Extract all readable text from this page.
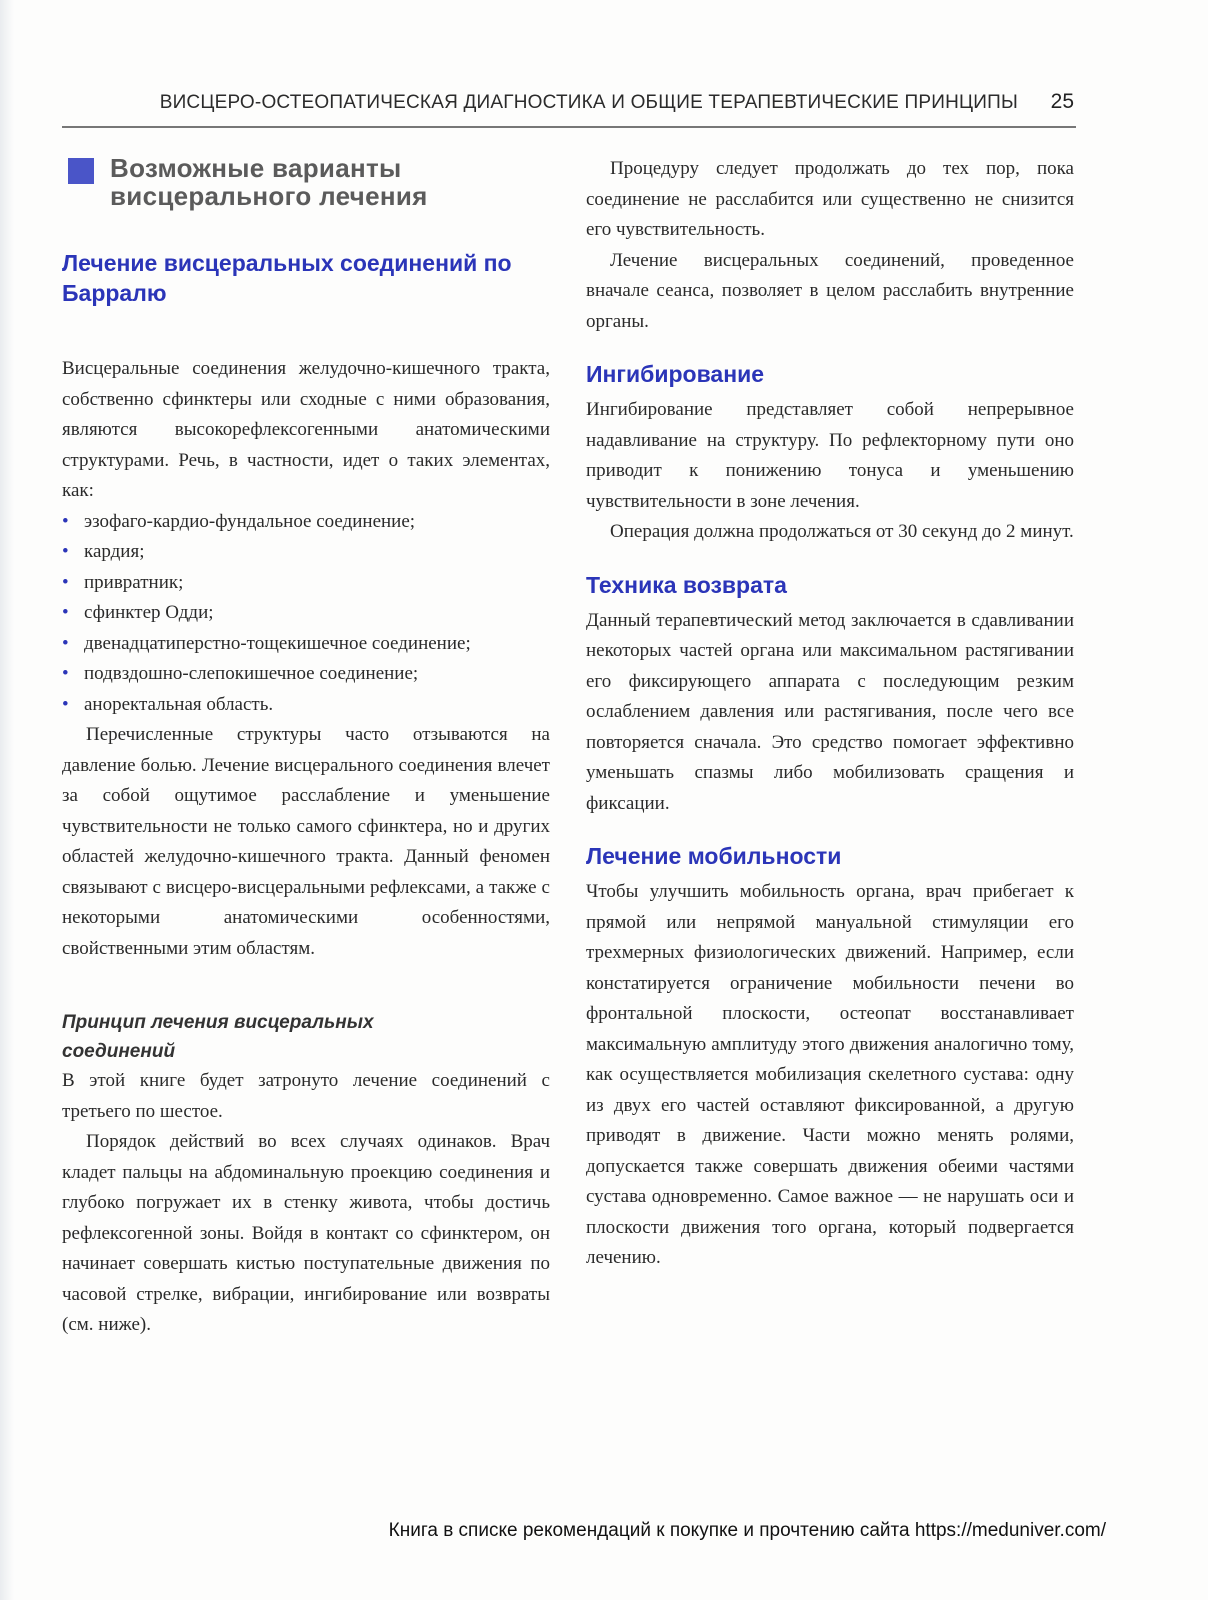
ВИСЦЕРО-ОСТЕОПАТИЧЕСКАЯ ДИАГНОСТИКА И ОБЩИЕ ТЕРАПЕВТИЧЕСКИЕ ПРИНЦИПЫ 25
Возможные варианты
висцерального лечения
Лечение висцеральных соединений по Барралю

Висцеральные соединения желудочно-кишечного тракта, собственно сфинктеры или сходные с ними образования, являются высокорефлексогенными анатомическими структурами. Речь, в частности, идет о таких элементах, как:

• эзофаго-кардио-фундальное соединение;
• кардия;
• привратник;
• сфинктер Одди;
• двенадцатиперстно-тощекишечное соединение;
• подвздошно-слепокишечное соединение;
• аноректальная область.

Перечисленные структуры часто отзываются на давление болью. Лечение висцерального соединения влечет за собой ощутимое расслабление и уменьшение чувствительности не только самого сфинктера, но и других областей желудочно-кишечного тракта. Данный феномен связывают с висцеро-висцеральными рефлексами, а также с некоторыми анатомическими особенностями, свойственными этим областям.

Принцип лечения висцеральных
соединений

В этой книге будет затронуто лечение соединений с третьего по шестое.

Порядок действий во всех случаях одинаков. Врач кладет пальцы на абдоминальную проекцию соединения и глубоко погружает их в стенку живота, чтобы достичь рефлексогенной зоны. Войдя в контакт со сфинктером, он начинает совершать кистью поступательные движения по часовой стрелке, вибрации, ингибирование или возвраты (см. ниже).

Процедуру следует продолжать до тех пор, пока соединение не расслабится или существенно не снизится его чувствительность.

Лечение висцеральных соединений, проведенное вначале сеанса, позволяет в целом расслабить внутренние органы.

Ингибирование

Ингибирование представляет собой непрерывное надавливание на структуру. По рефлекторному пути оно приводит к понижению тонуса и уменьшению чувствительности в зоне лечения.

Операция должна продолжаться от 30 секунд до 2 минут.

Техника возврата

Данный терапевтический метод заключается в сдавливании некоторых частей органа или максимальном растягивании его фиксирующего аппарата с последующим резким ослаблением давления или растягивания, после чего все повторяется сначала. Это средство помогает эффективно уменьшать спазмы либо мобилизовать сращения и фиксации.

Лечение мобильности

Чтобы улучшить мобильность органа, врач прибегает к прямой или непрямой мануальной стимуляции его трехмерных физиологических движений. Например, если констатируется ограничение мобильности печени во фронтальной плоскости, остеопат восстанавливает максимальную амплитуду этого движения аналогично тому, как осуществляется мобилизация скелетного сустава: одну из двух его частей оставляют фиксированной, а другую приводят в движение. Части можно менять ролями, допускается также совершать движения обеими частями сустава одновременно. Самое важное — не нарушать оси и плоскости движения того органа, который подвергается лечению.

Книга в списке рекомендаций к покупке и прочтению сайта https://meduniver.com/
